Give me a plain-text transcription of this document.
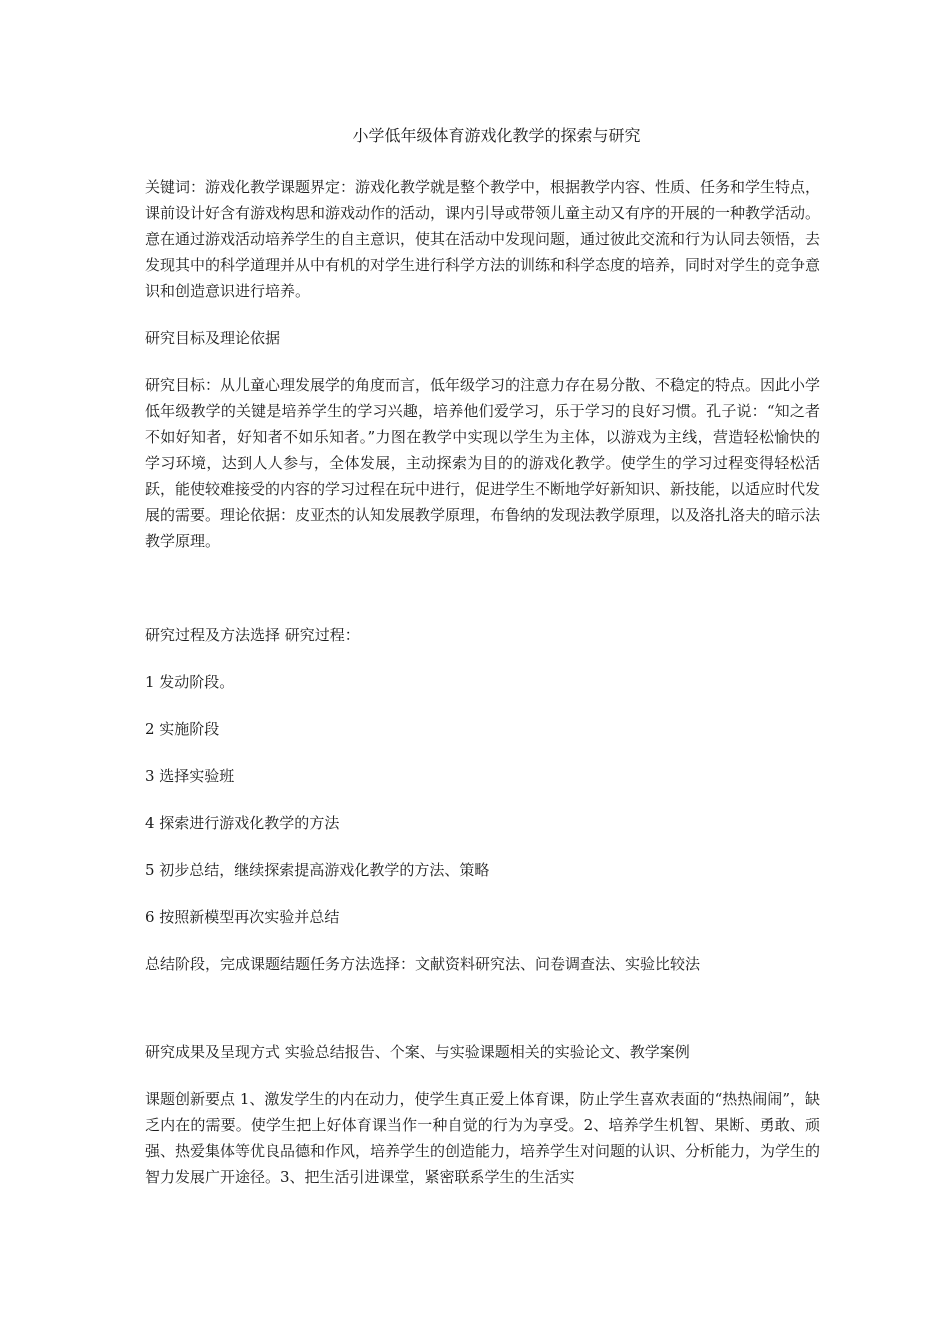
小学低年级体育游戏化教学的探索与研究

关键词：游戏化教学课题界定：游戏化教学就是整个教学中，根据教学内容、性质、任务和学生特点，课前设计好含有游戏构思和游戏动作的活动，课内引导或带领儿童主动又有序的开展的一种教学活动。意在通过游戏活动培养学生的自主意识，使其在活动中发现问题，通过彼此交流和行为认同去领悟，去发现其中的科学道理并从中有机的对学生进行科学方法的训练和科学态度的培养，同时对学生的竞争意识和创造意识进行培养。

研究目标及理论依据

研究目标：从儿童心理发展学的角度而言，低年级学习的注意力存在易分散、不稳定的特点。因此小学低年级教学的关键是培养学生的学习兴趣，培养他们爱学习，乐于学习的良好习惯。孔子说：“知之者不如好知者，好知者不如乐知者。”力图在教学中实现以学生为主体，以游戏为主线，营造轻松愉快的学习环境，达到人人参与，全体发展，主动探索为目的的游戏化教学。使学生的学习过程变得轻松活跃，能使较难接受的内容的学习过程在玩中进行，促进学生不断地学好新知识、新技能，以适应时代发展的需要。理论依据：皮亚杰的认知发展教学原理，布鲁纳的发现法教学原理，以及洛扎洛夫的暗示法教学原理。

研究过程及方法选择 研究过程：

1 发动阶段。

2 实施阶段

3 选择实验班

4 探索进行游戏化教学的方法

5 初步总结，继续探索提高游戏化教学的方法、策略

6 按照新模型再次实验并总结

总结阶段，完成课题结题任务方法选择：文献资料研究法、问卷调查法、实验比较法

研究成果及呈现方式 实验总结报告、个案、与实验课题相关的实验论文、教学案例

课题创新要点 1、激发学生的内在动力，使学生真正爱上体育课，防止学生喜欢表面的“热热闹闹”，缺乏内在的需要。使学生把上好体育课当作一种自觉的行为为享受。2、培养学生机智、果断、勇敢、顽强、热爱集体等优良品德和作风，培养学生的创造能力，培养学生对问题的认识、分析能力，为学生的智力发展广开途径。3、把生活引进课堂，紧密联系学生的生活实
